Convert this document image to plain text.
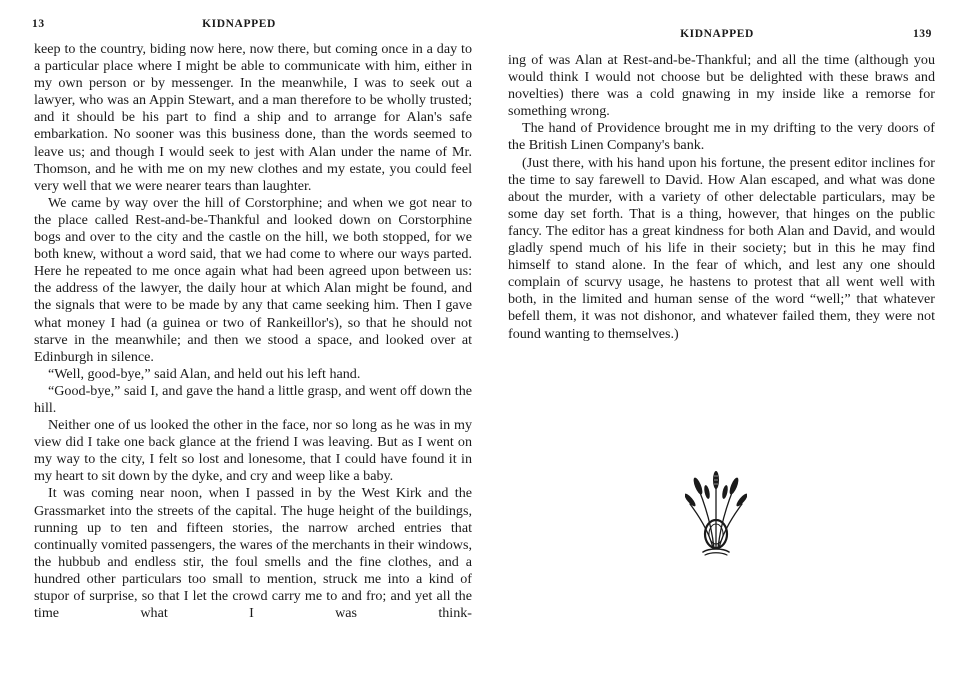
13	KIDNAPPED

keep to the country, biding now here, now there, but coming once in a day to a particular place where I might be able to communicate with him, either in my own person or by messenger. In the meanwhile, I was to seek out a lawyer, who was an Appin Stewart, and a man therefore to be wholly trusted; and it should be his part to find a ship and to arrange for Alan's safe embarkation. No sooner was this business done, than the words seemed to leave us; and though I would seek to jest with Alan under the name of Mr. Thomson, and he with me on my new clothes and my estate, you could feel very well that we were nearer tears than laughter.

We came by way over the hill of Corstorphine; and when we got near to the place called Rest-and-be-Thankful and looked down on Corstorphine bogs and over to the city and the castle on the hill, we both stopped, for we both knew, without a word said, that we had come to where our ways parted. Here he repeated to me once again what had been agreed upon between us: the address of the lawyer, the daily hour at which Alan might be found, and the signals that were to be made by any that came seeking him. Then I gave what money I had (a guinea or two of Rankeillor's), so that he should not starve in the meanwhile; and then we stood a space, and looked over at Edinburgh in silence.

“Well, good-bye,” said Alan, and held out his left hand.

“Good-bye,” said I, and gave the hand a little grasp, and went off down the hill.

Neither one of us looked the other in the face, nor so long as he was in my view did I take one back glance at the friend I was leaving. But as I went on my way to the city, I felt so lost and lonesome, that I could have found it in my heart to sit down by the dyke, and cry and weep like a baby.

It was coming near noon, when I passed in by the West Kirk and the Grassmarket into the streets of the capital. The huge height of the buildings, running up to ten and fifteen stories, the narrow arched entries that continually vomited passengers, the wares of the merchants in their windows, the hubbub and endless stir, the foul smells and the fine clothes, and a hundred other particulars too small to mention, struck me into a kind of stupor of surprise, so that I let the crowd carry me to and fro; and yet all the time what I was think-

KIDNAPPED	139

ing of was Alan at Rest-and-be-Thankful; and all the time (although you would think I would not choose but be delighted with these braws and novelties) there was a cold gnawing in my inside like a remorse for something wrong.

The hand of Providence brought me in my drifting to the very doors of the British Linen Company's bank.

(Just there, with his hand upon his fortune, the present editor inclines for the time to say farewell to David. How Alan escaped, and what was done about the murder, with a variety of other delectable particulars, may be some day set forth. That is a thing, however, that hinges on the public fancy. The editor has a great kindness for both Alan and David, and would gladly spend much of his life in their society; but in this he may find himself to stand alone. In the fear of which, and lest any one should complain of scurvy usage, he hastens to protest that all went well with both, in the limited and human sense of the word “well;” that whatever befell them, it was not dishonor, and whatever failed them, they were not found wanting to themselves.)
